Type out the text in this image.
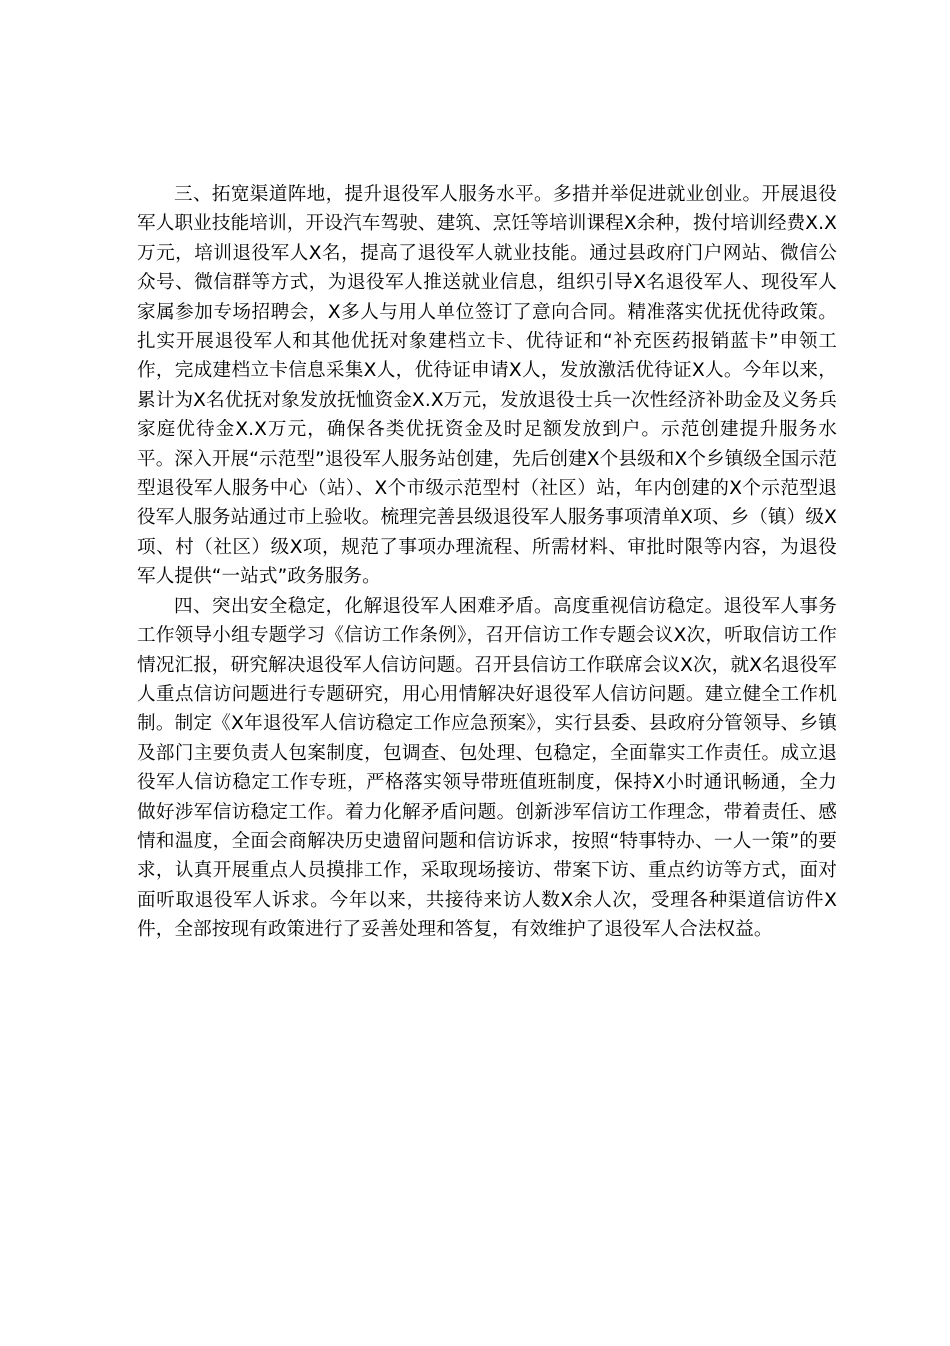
三、拓宽渠道阵地，提升退役军人服务水平。多措并举促进就业创业。开展退役军人职业技能培训，开设汽车驾驶、建筑、烹饪等培训课程X余种，拨付培训经费X.X万元，培训退役军人X名，提高了退役军人就业技能。通过县政府门户网站、微信公众号、微信群等方式，为退役军人推送就业信息，组织引导X名退役军人、现役军人家属参加专场招聘会，X多人与用人单位签订了意向合同。精准落实优抚优待政策。扎实开展退役军人和其他优抚对象建档立卡、优待证和“补充医药报销蓝卡”申领工作，完成建档立卡信息采集X人，优待证申请X人，发放激活优待证X人。今年以来，累计为X名优抚对象发放抚恤资金X.X万元，发放退役士兵一次性经济补助金及义务兵家庭优待金X.X万元，确保各类优抚资金及时足额发放到户。示范创建提升服务水平。深入开展“示范型”退役军人服务站创建，先后创建X个县级和X个乡镇级全国示范型退役军人服务中心（站）、X个市级示范型村（社区）站，年内创建的X个示范型退役军人服务站通过市上验收。梳理完善县级退役军人服务事项清单X项、乡（镇）级X项、村（社区）级X项，规范了事项办理流程、所需材料、审批时限等内容，为退役军人提供“一站式”政务服务。

四、突出安全稳定，化解退役军人困难矛盾。高度重视信访稳定。退役军人事务工作领导小组专题学习《信访工作条例》，召开信访工作专题会议X次，听取信访工作情况汇报，研究解决退役军人信访问题。召开县信访工作联席会议X次，就X名退役军人重点信访问题进行专题研究，用心用情解决好退役军人信访问题。建立健全工作机制。制定《X年退役军人信访稳定工作应急预案》，实行县委、县政府分管领导、乡镇及部门主要负责人包案制度，包调查、包处理、包稳定，全面靠实工作责任。成立退役军人信访稳定工作专班，严格落实领导带班值班制度，保持X小时通讯畅通，全力做好涉军信访稳定工作。着力化解矛盾问题。创新涉军信访工作理念，带着责任、感情和温度，全面会商解决历史遗留问题和信访诉求，按照“特事特办、一人一策”的要求，认真开展重点人员摸排工作，采取现场接访、带案下访、重点约访等方式，面对面听取退役军人诉求。今年以来，共接待来访人数X余人次，受理各种渠道信访件X件，全部按现有政策进行了妥善处理和答复，有效维护了退役军人合法权益。
